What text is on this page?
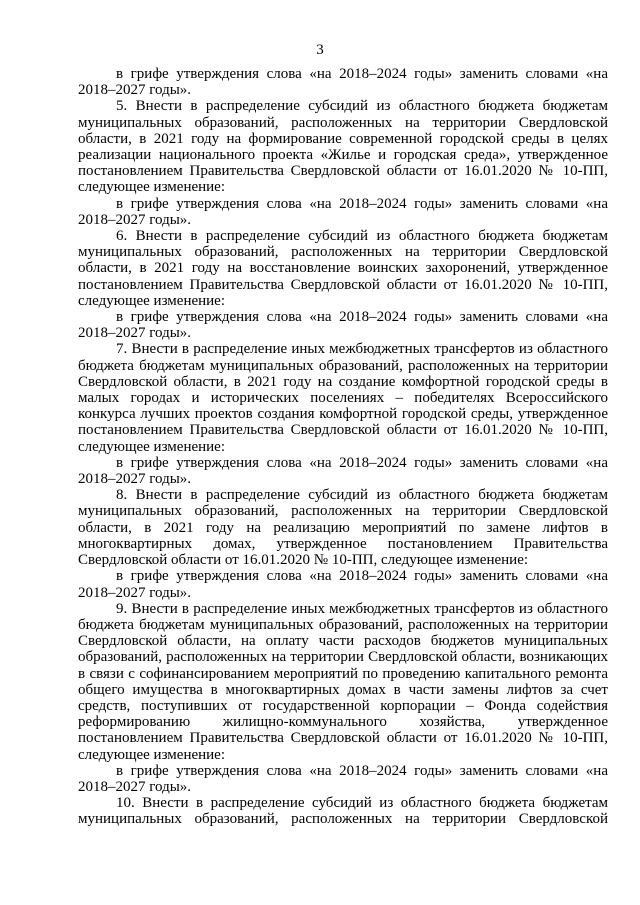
3

в грифе утверждения слова «на 2018–2024 годы» заменить словами «на 2018–2027 годы».

5. Внести в распределение субсидий из областного бюджета бюджетам муниципальных образований, расположенных на территории Свердловской области, в 2021 году на формирование современной городской среды в целях реализации национального проекта «Жилье и городская среда», утвержденное постановлением Правительства Свердловской области от 16.01.2020 № 10-ПП, следующее изменение:

в грифе утверждения слова «на 2018–2024 годы» заменить словами «на 2018–2027 годы».

6. Внести в распределение субсидий из областного бюджета бюджетам муниципальных образований, расположенных на территории Свердловской области, в 2021 году на восстановление воинских захоронений, утвержденное постановлением Правительства Свердловской области от 16.01.2020 № 10-ПП, следующее изменение:

в грифе утверждения слова «на 2018–2024 годы» заменить словами «на 2018–2027 годы».

7. Внести в распределение иных межбюджетных трансфертов из областного бюджета бюджетам муниципальных образований, расположенных на территории Свердловской области, в 2021 году на создание комфортной городской среды в малых городах и исторических поселениях – победителях Всероссийского конкурса лучших проектов создания комфортной городской среды, утвержденное постановлением Правительства Свердловской области от 16.01.2020 № 10-ПП, следующее изменение:

в грифе утверждения слова «на 2018–2024 годы» заменить словами «на 2018–2027 годы».

8. Внести в распределение субсидий из областного бюджета бюджетам муниципальных образований, расположенных на территории Свердловской области, в 2021 году на реализацию мероприятий по замене лифтов в многоквартирных домах, утвержденное постановлением Правительства Свердловской области от 16.01.2020 № 10-ПП, следующее изменение:

в грифе утверждения слова «на 2018–2024 годы» заменить словами «на 2018–2027 годы».

9. Внести в распределение иных межбюджетных трансфертов из областного бюджета бюджетам муниципальных образований, расположенных на территории Свердловской области, на оплату части расходов бюджетов муниципальных образований, расположенных на территории Свердловской области, возникающих в связи с софинансированием мероприятий по проведению капитального ремонта общего имущества в многоквартирных домах в части замены лифтов за счет средств, поступивших от государственной корпорации – Фонда содействия реформированию жилищно-коммунального хозяйства, утвержденное постановлением Правительства Свердловской области от 16.01.2020 № 10-ПП, следующее изменение:

в грифе утверждения слова «на 2018–2024 годы» заменить словами «на 2018–2027 годы».

10. Внести в распределение субсидий из областного бюджета бюджетам муниципальных образований, расположенных на территории Свердловской
